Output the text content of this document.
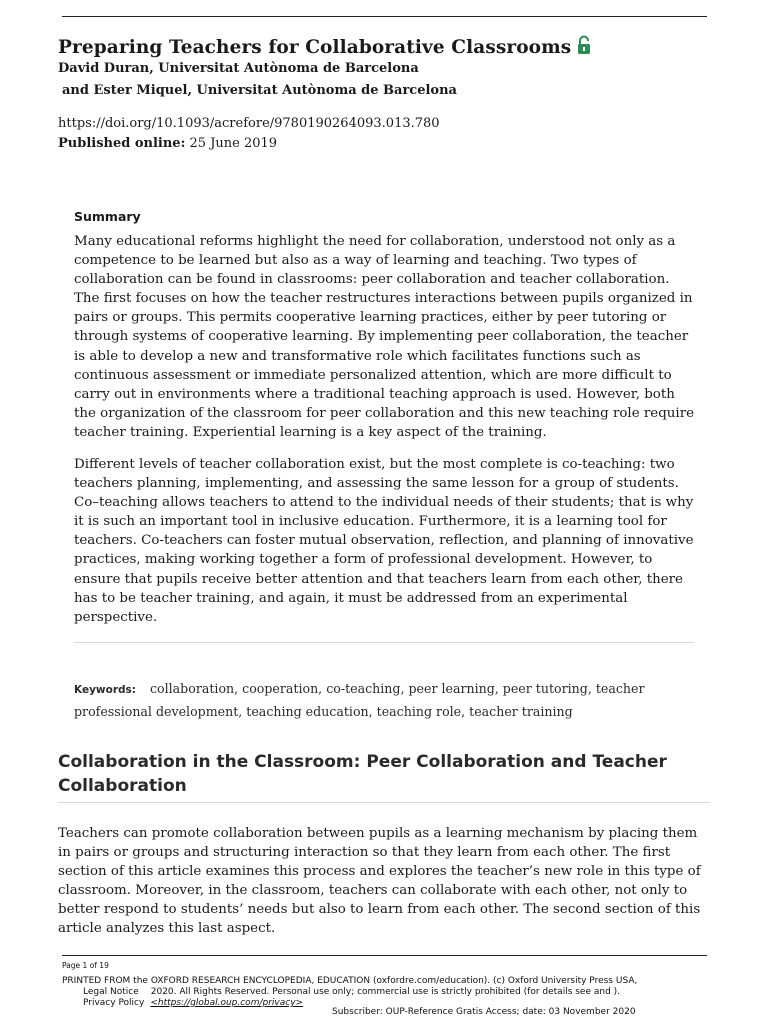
Preparing Teachers for Collaborative Classrooms
David Duran, Universitat Autònoma de Barcelona
and Ester Miquel, Universitat Autònoma de Barcelona
https://doi.org/10.1093/acrefore/9780190264093.013.780
Published online: 25 June 2019
Summary

Many educational reforms highlight the need for collaboration, understood not only as a competence to be learned but also as a way of learning and teaching. Two types of collaboration can be found in classrooms: peer collaboration and teacher collaboration. The first focuses on how the teacher restructures interactions between pupils organized in pairs or groups. This permits cooperative learning practices, either by peer tutoring or through systems of cooperative learning. By implementing peer collaboration, the teacher is able to develop a new and transformative role which facilitates functions such as continuous assessment or immediate personalized attention, which are more difficult to carry out in environments where a traditional teaching approach is used. However, both the organization of the classroom for peer collaboration and this new teaching role require teacher training. Experiential learning is a key aspect of the training.

Different levels of teacher collaboration exist, but the most complete is co-teaching: two teachers planning, implementing, and assessing the same lesson for a group of students. Co–teaching allows teachers to attend to the individual needs of their students; that is why it is such an important tool in inclusive education. Furthermore, it is a learning tool for teachers. Co-teachers can foster mutual observation, reflection, and planning of innovative practices, making working together a form of professional development. However, to ensure that pupils receive better attention and that teachers learn from each other, there has to be teacher training, and again, it must be addressed from an experimental perspective.

Keywords: collaboration, cooperation, co-teaching, peer learning, peer tutoring, teacher professional development, teaching education, teaching role, teacher training
Collaboration in the Classroom: Peer Collaboration and Teacher Collaboration

Teachers can promote collaboration between pupils as a learning mechanism by placing them in pairs or groups and structuring interaction so that they learn from each other. The first section of this article examines this process and explores the teacher’s new role in this type of classroom. Moreover, in the classroom, teachers can collaborate with each other, not only to better respond to students’ needs but also to learn from each other. The second section of this article analyzes this last aspect.

Page 1 of 19
PRINTED FROM the OXFORD RESEARCH ENCYCLOPEDIA, EDUCATION (oxfordre.com/education). (c) Oxford University Press USA,
Legal Notice 2020. All Rights Reserved. Personal use only; commercial use is strictly prohibited (for details see and ).
Privacy Policy <https://global.oup.com/privacy>
Subscriber: OUP-Reference Gratis Access; date: 03 November 2020
